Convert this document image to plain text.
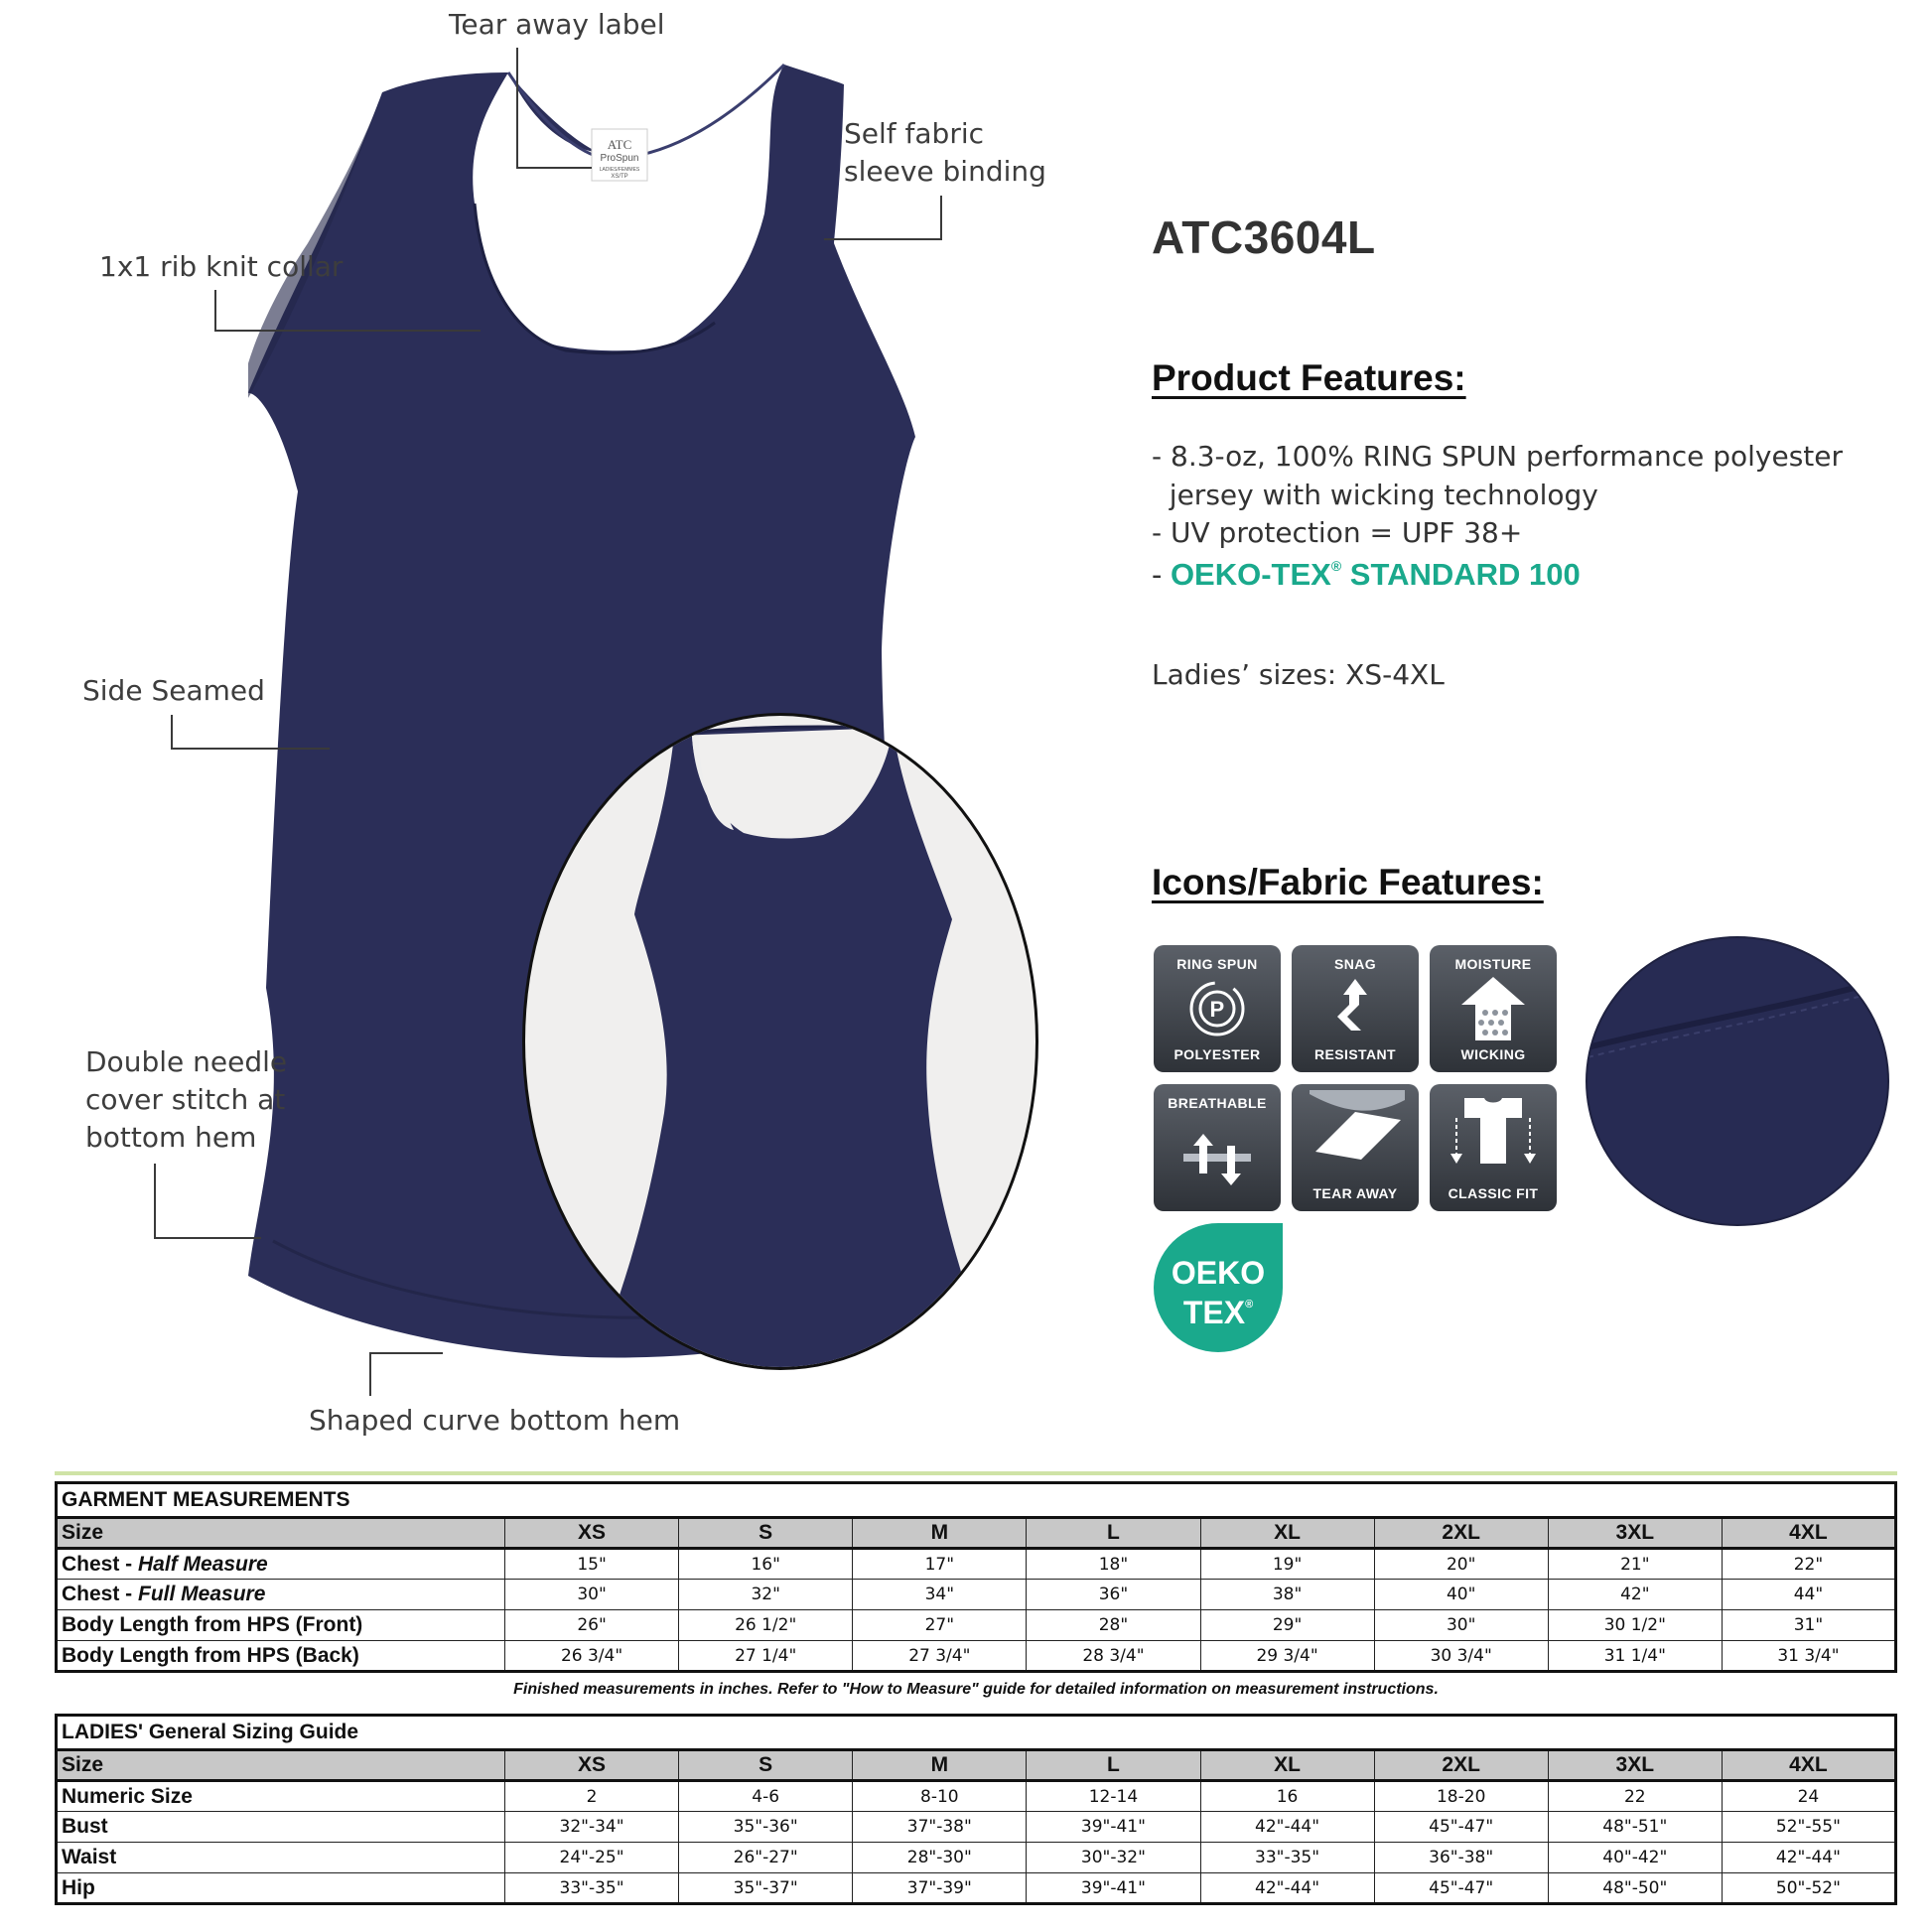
ATC
ProSpun
LADIES/FEMMES
XS/TP
Tear away label
Self fabric
sleeve binding
1x1 rib knit collar
Side Seamed
Double needle
cover stitch at
bottom hem
Shaped curve bottom hem
ATC3604L
Product Features:
- 8.3-oz, 100% RING SPUN performance polyester
jersey with wicking technology
- UV protection = UPF 38+
- OEKO-TEX® STANDARD 100
Ladies’ sizes: XS-4XL
Icons/Fabric Features:
RING SPUN
P
POLYESTER
SNAG
RESISTANT
MOISTURE
WICKING
BREATHABLE
TEAR AWAY	CLASSIC FIT
OEKO
TEX®
GARMENT MEASUREMENTS								
Size	XS	S	M	L	XL	2XL	3XL	4XL
Chest - Half Measure	15"	16"	17"	18"	19"	20"	21"	22"
Chest - Full Measure	30"	32"	34"	36"	38"	40"	42"	44"
Body Length from HPS (Front)	26"	26 1/2"	27"	28"	29"	30"	30 1/2"	31"
Body Length from HPS (Back)	26 3/4"	27 1/4"	27 3/4"	28 3/4"	29 3/4"	30 3/4"	31 1/4"	31 3/4"
Finished measurements in inches. Refer to "How to Measure" guide for detailed information on measurement instructions.
LADIES' General Sizing Guide								
Size	XS	S	M	L	XL	2XL	3XL	4XL
Numeric Size	2	4-6	8-10	12-14	16	18-20	22	24
Bust	32"-34"	35"-36"	37"-38"	39"-41"	42"-44"	45"-47"	48"-51"	52"-55"
Waist	24"-25"	26"-27"	28"-30"	30"-32"	33"-35"	36"-38"	40"-42"	42"-44"
Hip	33"-35"	35"-37"	37"-39"	39"-41"	42"-44"	45"-47"	48"-50"	50"-52"
